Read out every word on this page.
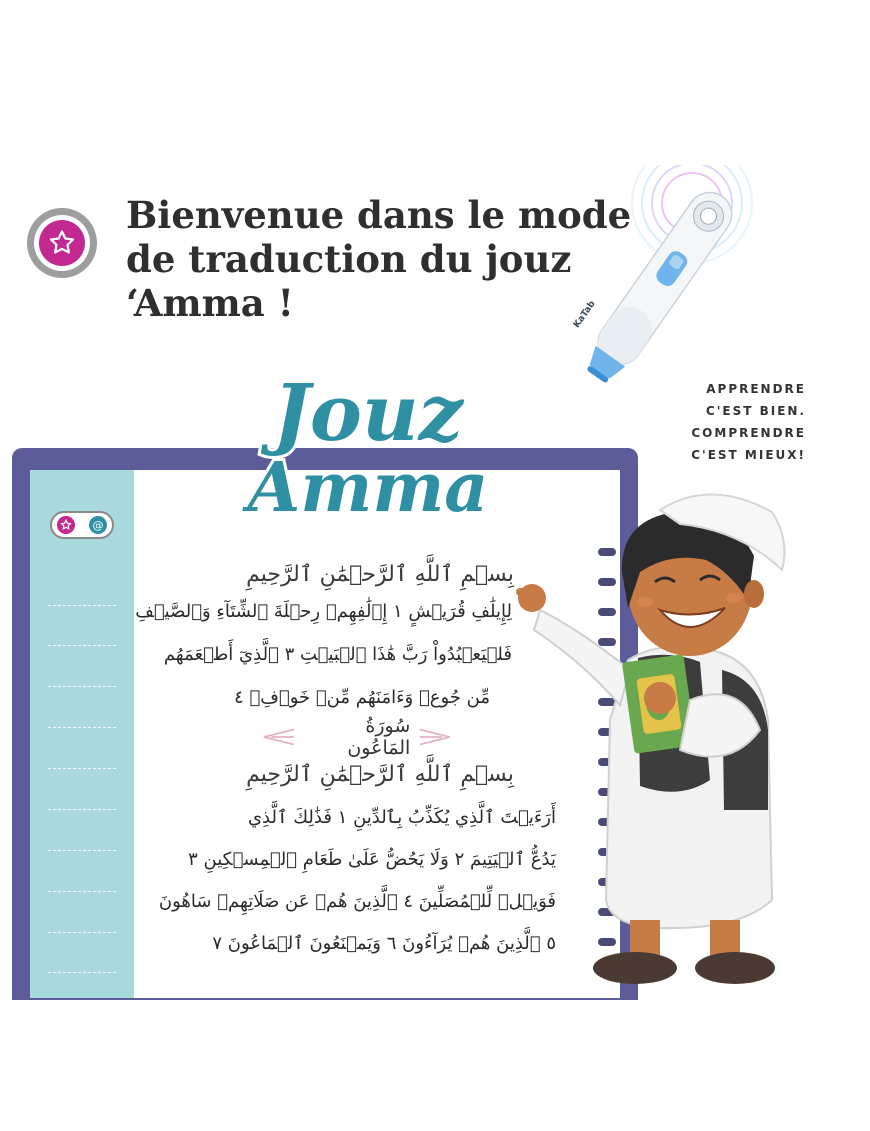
Bienvenue dans le mode
de traduction du jouz
‘Amma !	KaTab
APPRENDRE
C'EST BIEN.
COMPRENDRE
C'EST MIEUX!
@
Jouz
Amma
بِسۡمِ ٱللَّهِ ٱلرَّحۡمَٰنِ ٱلرَّحِيمِ
لِإِيلَٰفِ قُرَيۡشٍ ١ إِۦلَٰفِهِمۡ رِحۡلَةَ ٱلشِّتَآءِ وَٱلصَّيۡفِ
فَلۡيَعۡبُدُواْ رَبَّ هَٰذَا ٱلۡبَيۡتِ ٣ ٱلَّذِيٓ أَطۡعَمَهُم
مِّن جُوعٖ وَءَامَنَهُم مِّنۡ خَوۡفِۭ ٤
سُورَةُ المَاعُون
بِسۡمِ ٱللَّهِ ٱلرَّحۡمَٰنِ ٱلرَّحِيمِ
أَرَءَيۡتَ ٱلَّذِي يُكَذِّبُ بِٱلدِّينِ ١ فَذَٰلِكَ ٱلَّذِي
يَدُعُّ ٱلۡيَتِيمَ ٢ وَلَا يَحُضُّ عَلَىٰ طَعَامِ ٱلۡمِسۡكِينِ ٣
فَوَيۡلٞ لِّلۡمُصَلِّينَ ٤ ٱلَّذِينَ هُمۡ عَن صَلَاتِهِمۡ سَاهُونَ
٥ ٱلَّذِينَ هُمۡ يُرَآءُونَ ٦ وَيَمۡنَعُونَ ٱلۡمَاعُونَ ٧
